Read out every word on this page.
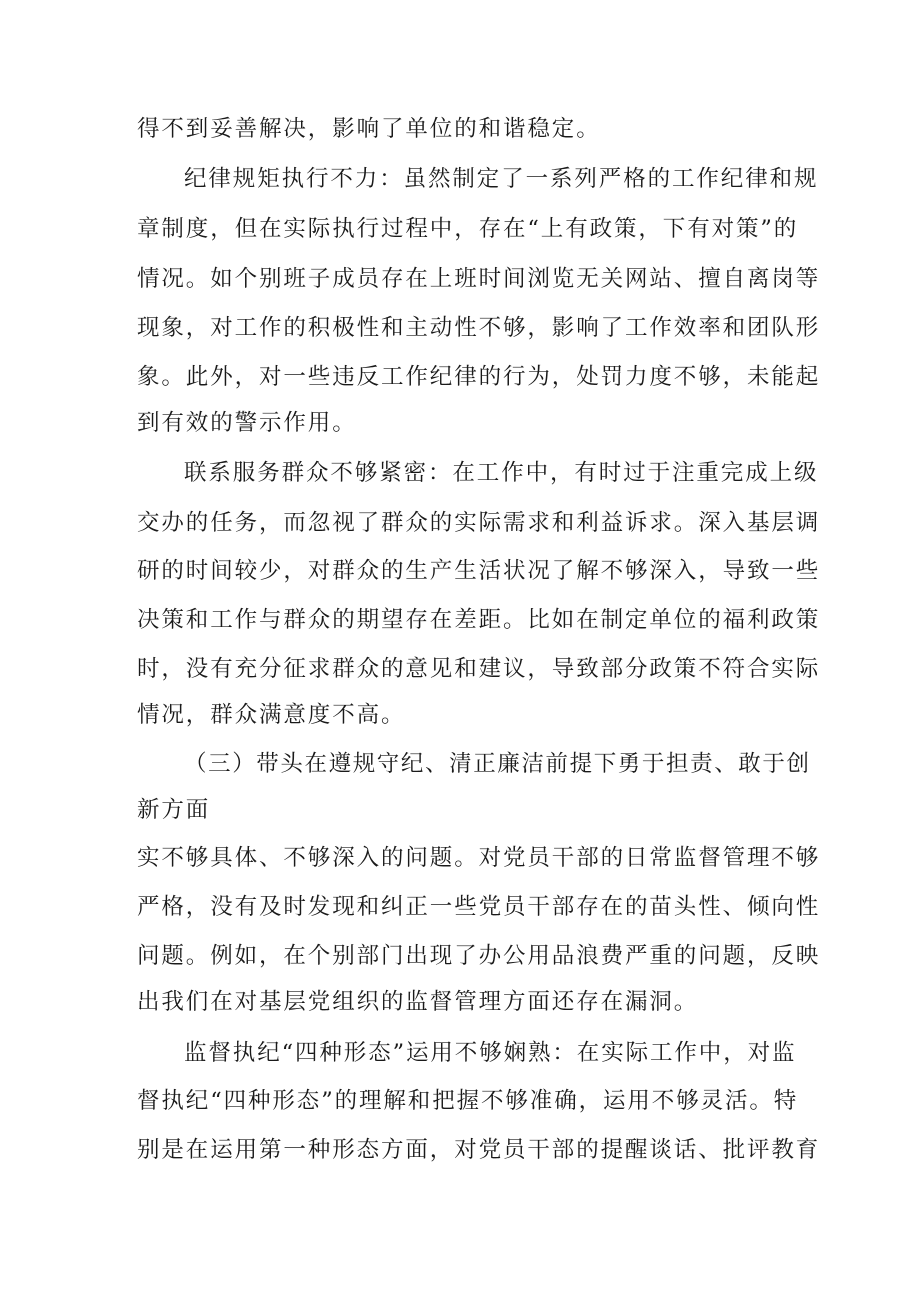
得不到妥善解决，影响了单位的和谐稳定。

纪律规矩执行不力：虽然制定了一系列严格的工作纪律和规

章制度，但在实际执行过程中，存在“上有政策，下有对策”的

情况。如个别班子成员存在上班时间浏览无关网站、擅自离岗等

现象，对工作的积极性和主动性不够，影响了工作效率和团队形

象。此外，对一些违反工作纪律的行为，处罚力度不够，未能起

到有效的警示作用。

联系服务群众不够紧密：在工作中，有时过于注重完成上级

交办的任务，而忽视了群众的实际需求和利益诉求。深入基层调

研的时间较少，对群众的生产生活状况了解不够深入，导致一些

决策和工作与群众的期望存在差距。比如在制定单位的福利政策

时，没有充分征求群众的意见和建议，导致部分政策不符合实际

情况，群众满意度不高。

（三）带头在遵规守纪、清正廉洁前提下勇于担责、敢于创

新方面

实不够具体、不够深入的问题。对党员干部的日常监督管理不够

严格，没有及时发现和纠正一些党员干部存在的苗头性、倾向性

问题。例如，在个别部门出现了办公用品浪费严重的问题，反映

出我们在对基层党组织的监督管理方面还存在漏洞。

监督执纪“四种形态”运用不够娴熟：在实际工作中，对监

督执纪“四种形态”的理解和把握不够准确，运用不够灵活。特

别是在运用第一种形态方面，对党员干部的提醒谈话、批评教育
